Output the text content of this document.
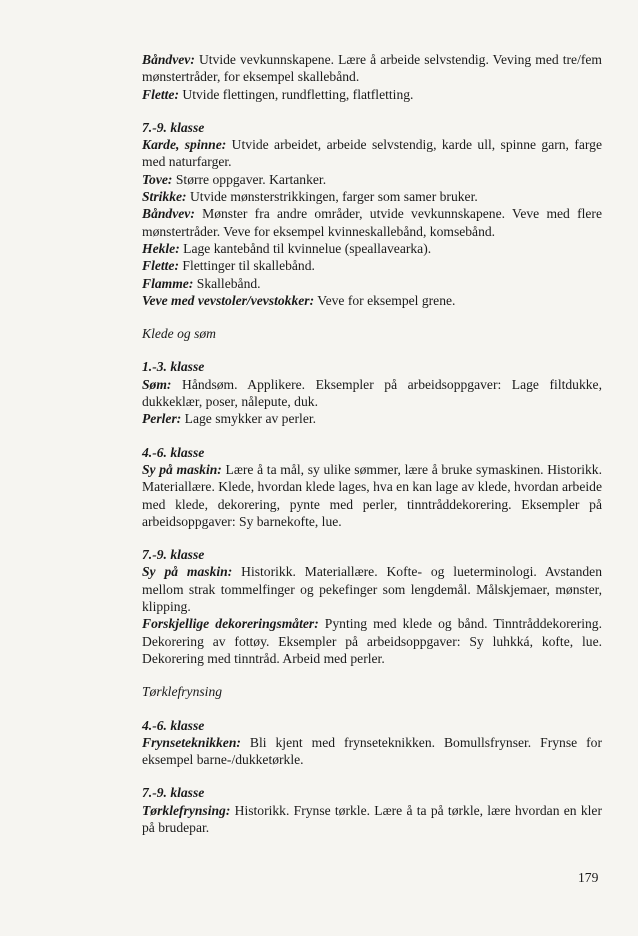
Båndvev: Utvide vevkunnskapene. Lære å arbeide selvstendig. Veving med tre/fem mønstertråder, for eksempel skallebånd.

Flette: Utvide flettingen, rundfletting, flatfletting.

7.-9. klasse

Karde, spinne: Utvide arbeidet, arbeide selvstendig, karde ull, spinne garn, farge med naturfarger.

Tove: Større oppgaver. Kartanker.

Strikke: Utvide mønsterstrikkingen, farger som samer bruker.

Båndvev: Mønster fra andre områder, utvide vevkunnskapene. Veve med flere mønstertråder. Veve for eksempel kvinneskallebånd, komsebånd.

Hekle: Lage kantebånd til kvinnelue (speallavearka).

Flette: Flettinger til skallebånd.

Flamme: Skallebånd.

Veve med vevstoler/vevstokker: Veve for eksempel grene.

Klede og søm

1.-3. klasse

Søm: Håndsøm. Applikere. Eksempler på arbeidsoppgaver: Lage filtdukke, dukkeklær, poser, nålepute, duk.

Perler: Lage smykker av perler.

4.-6. klasse

Sy på maskin: Lære å ta mål, sy ulike sømmer, lære å bruke symaskinen. Historikk. Materiallære. Klede, hvordan klede lages, hva en kan lage av klede, hvordan arbeide med klede, dekorering, pynte med perler, tinntråddekorering. Eksempler på arbeidsoppgaver: Sy barnekofte, lue.

7.-9. klasse

Sy på maskin: Historikk. Materiallære. Kofte- og lueterminologi. Avstanden mellom strak tommelfinger og pekefinger som lengdemål. Målskjemaer, mønster, klipping.

Forskjellige dekoreringsmåter: Pynting med klede og bånd. Tinntråddekorering. Dekorering av fottøy. Eksempler på arbeidsoppgaver: Sy luhkká, kofte, lue. Dekorering med tinntråd. Arbeid med perler.

Tørklefrynsing

4.-6. klasse

Frynseteknikken: Bli kjent med frynseteknikken. Bomullsfrynser. Frynse for eksempel barne-/dukketørkle.

7.-9. klasse

Tørklefrynsing: Historikk. Frynse tørkle. Lære å ta på tørkle, lære hvordan en kler på brudepar.

179
